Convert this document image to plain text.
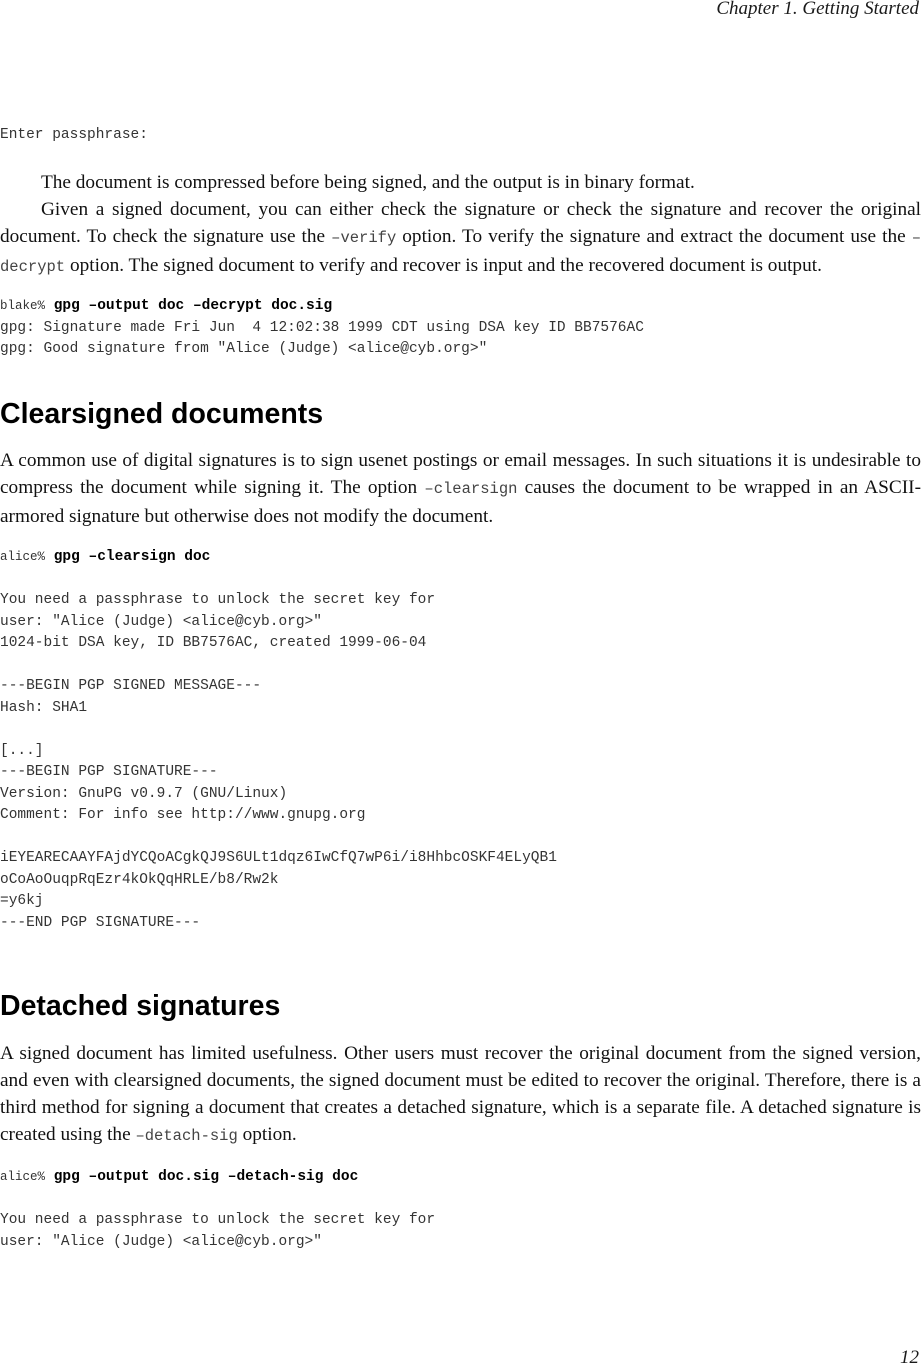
Chapter 1. Getting Started
Enter passphrase:

The document is compressed before being signed, and the output is in binary format.

Given a signed document, you can either check the signature or check the signature and recover the original document. To check the signature use the –verify option. To verify the signature and extract the document use the –decrypt option. The signed document to verify and recover is input and the recovered document is output.

blake% gpg –output doc –decrypt doc.sig
gpg: Signature made Fri Jun  4 12:02:38 1999 CDT using DSA key ID BB7576AC
gpg: Good signature from "Alice (Judge) <alice@cyb.org>"
Clearsigned documents

A common use of digital signatures is to sign usenet postings or email messages. In such situations it is undesirable to compress the document while signing it. The option –clearsign causes the document to be wrapped in an ASCII-armored signature but otherwise does not modify the document.

alice% gpg –clearsign doc

You need a passphrase to unlock the secret key for
user: "Alice (Judge) <alice@cyb.org>"
1024-bit DSA key, ID BB7576AC, created 1999-06-04

---BEGIN PGP SIGNED MESSAGE---
Hash: SHA1

[...]
---BEGIN PGP SIGNATURE---
Version: GnuPG v0.9.7 (GNU/Linux)
Comment: For info see http://www.gnupg.org

iEYEARECAAYFAjdYCQoACgkQJ9S6ULt1dqz6IwCfQ7wP6i/i8HhbcOSKF4ELyQB1
oCoAoOuqpRqEzr4kOkQqHRLE/b8/Rw2k
=y6kj
---END PGP SIGNATURE---
Detached signatures

A signed document has limited usefulness. Other users must recover the original document from the signed version, and even with clearsigned documents, the signed document must be edited to recover the original. Therefore, there is a third method for signing a document that creates a detached signature, which is a separate file. A detached signature is created using the –detach-sig option.

alice% gpg –output doc.sig –detach-sig doc

You need a passphrase to unlock the secret key for
user: "Alice (Judge) <alice@cyb.org>"
12
